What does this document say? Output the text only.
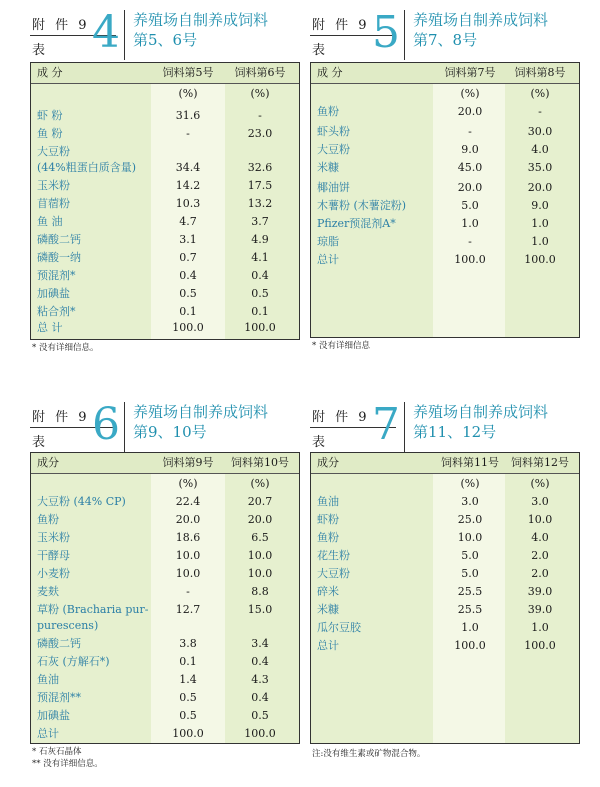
附 件 9
表 4 养殖场自制养成饲料
第5、6号
成 分	饲料第5号	饲料第6号
(%)	(%)
虾 粉	31.6	-
鱼 粉	-	23.0
大豆粉
(44%粗蛋白质含量)	34.4	32.6
玉米粉	14.2	17.5
苜蓿粉	10.3	13.2
鱼 油	4.7	3.7
磷酸二钙	3.1	4.9
磷酸一纳	0.7	4.1
预混剂*	0.4	0.4
加碘盐	0.5	0.5
粘合剂*	0.1	0.1
总 计	100.0	100.0
* 没有详细信息。
附 件 9
表 5 养殖场自制养成饲料
第7、8号
成 分	饲料第7号	饲料第8号
(%)	(%)
鱼粉	20.0	-
虾头粉	-	30.0
大豆粉	9.0	4.0
米糠	45.0	35.0
椰油饼	20.0	20.0
木薯粉 (木薯淀粉)	5.0	9.0
Pfizer预混剂A*	1.0	1.0
琼脂	-	1.0
总计	100.0	100.0
* 没有详细信息
附 件 9
表 6 养殖场自制养成饲料
第9、10号
成分	饲料第9号	饲料第10号
(%)	(%)
大豆粉 (44% CP)	22.4	20.7
鱼粉	20.0	20.0
玉米粉	18.6	6.5
干酵母	10.0	10.0
小麦粉	10.0	10.0
麦麸	-	8.8
草粉 (Bracharia pur-	12.7	15.0
purescens)
磷酸二钙	3.8	3.4
石灰 (方解石*)	0.1	0.4
鱼油	1.4	4.3
预混剂**	0.5	0.4
加碘盐	0.5	0.5
总计	100.0	100.0
* 石灰石晶体
** 没有详细信息。
附 件 9
表 7 养殖场自制养成饲料
第11、12号
成分	饲料第11号	饲料第12号
(%)	(%)
鱼油	3.0	3.0
虾粉	25.0	10.0
鱼粉	10.0	4.0
花生粉	5.0	2.0
大豆粉	5.0	2.0
碎米	25.5	39.0
米糠	25.5	39.0
瓜尔豆胶	1.0	1.0
总计	100.0	100.0
注:没有维生素或矿物混合物。
